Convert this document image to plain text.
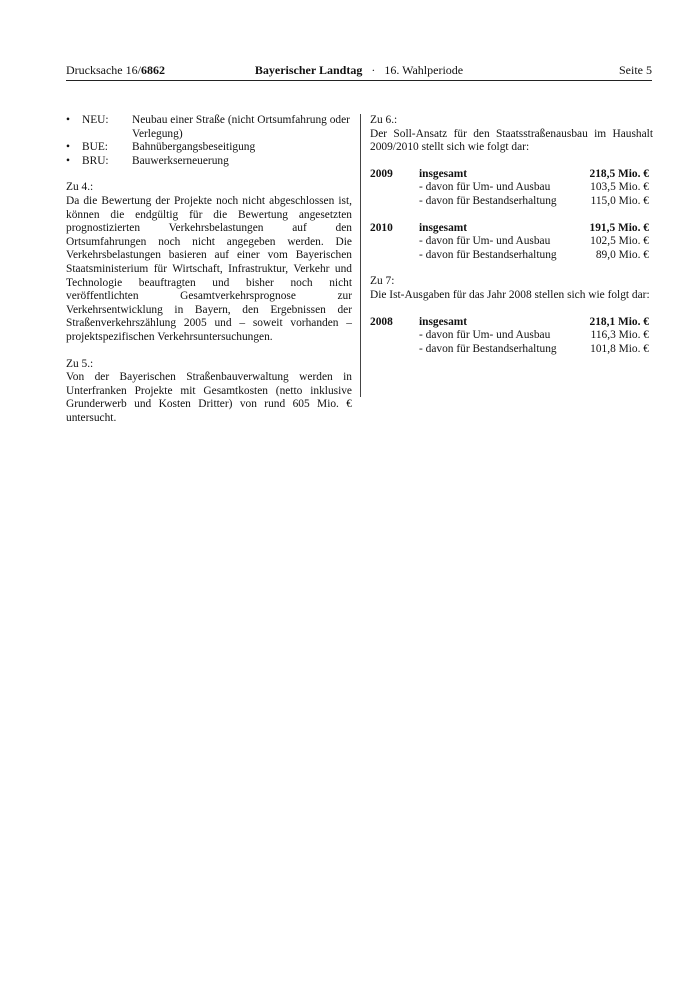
Drucksache 16/6862	Bayerischer Landtag · 16. Wahlperiode	Seite 5
•	NEU:	Neubau einer Straße (nicht Ortsumfahrung oder Verlegung)
•	BUE:	Bahnübergangsbeseitigung
•	BRU:	Bauwerkserneuerung
Zu 4.:

Da die Bewertung der Projekte noch nicht abgeschlossen ist, können die endgültig für die Bewertung angesetzten prognostizierten Verkehrsbelastungen auf den Ortsumfahrungen noch nicht angegeben werden. Die Verkehrsbelastungen basieren auf einer vom Bayerischen Staatsministerium für Wirtschaft, Infrastruktur, Verkehr und Technologie beauftragten und bisher noch nicht veröffentlichten Gesamtverkehrsprognose zur Verkehrsentwicklung in Bayern, den Ergebnissen der Straßenverkehrszählung 2005 und – soweit vorhanden – projektspezifischen Verkehrsuntersuchungen.

Zu 5.:

Von der Bayerischen Straßenbauverwaltung werden in Unterfranken Projekte mit Gesamtkosten (netto inklusive Grunderwerb und Kosten Dritter) von rund 605 Mio. € untersucht.

Zu 6.:

Der Soll-Ansatz für den Staatsstraßenausbau im Haushalt 2009/2010 stellt sich wie folgt dar:

2009	insgesamt	218,5 Mio. €
- davon für Um- und Ausbau	103,5 Mio. €
- davon für Bestandserhaltung	115,0 Mio. €
2010	insgesamt	191,5 Mio. €
- davon für Um- und Ausbau	102,5 Mio. €
- davon für Bestandserhaltung	89,0 Mio. €
Zu 7:

Die Ist-Ausgaben für das Jahr 2008 stellen sich wie folgt dar:

2008	insgesamt	218,1 Mio. €
- davon für Um- und Ausbau	116,3 Mio. €
- davon für Bestandserhaltung	101,8 Mio. €
